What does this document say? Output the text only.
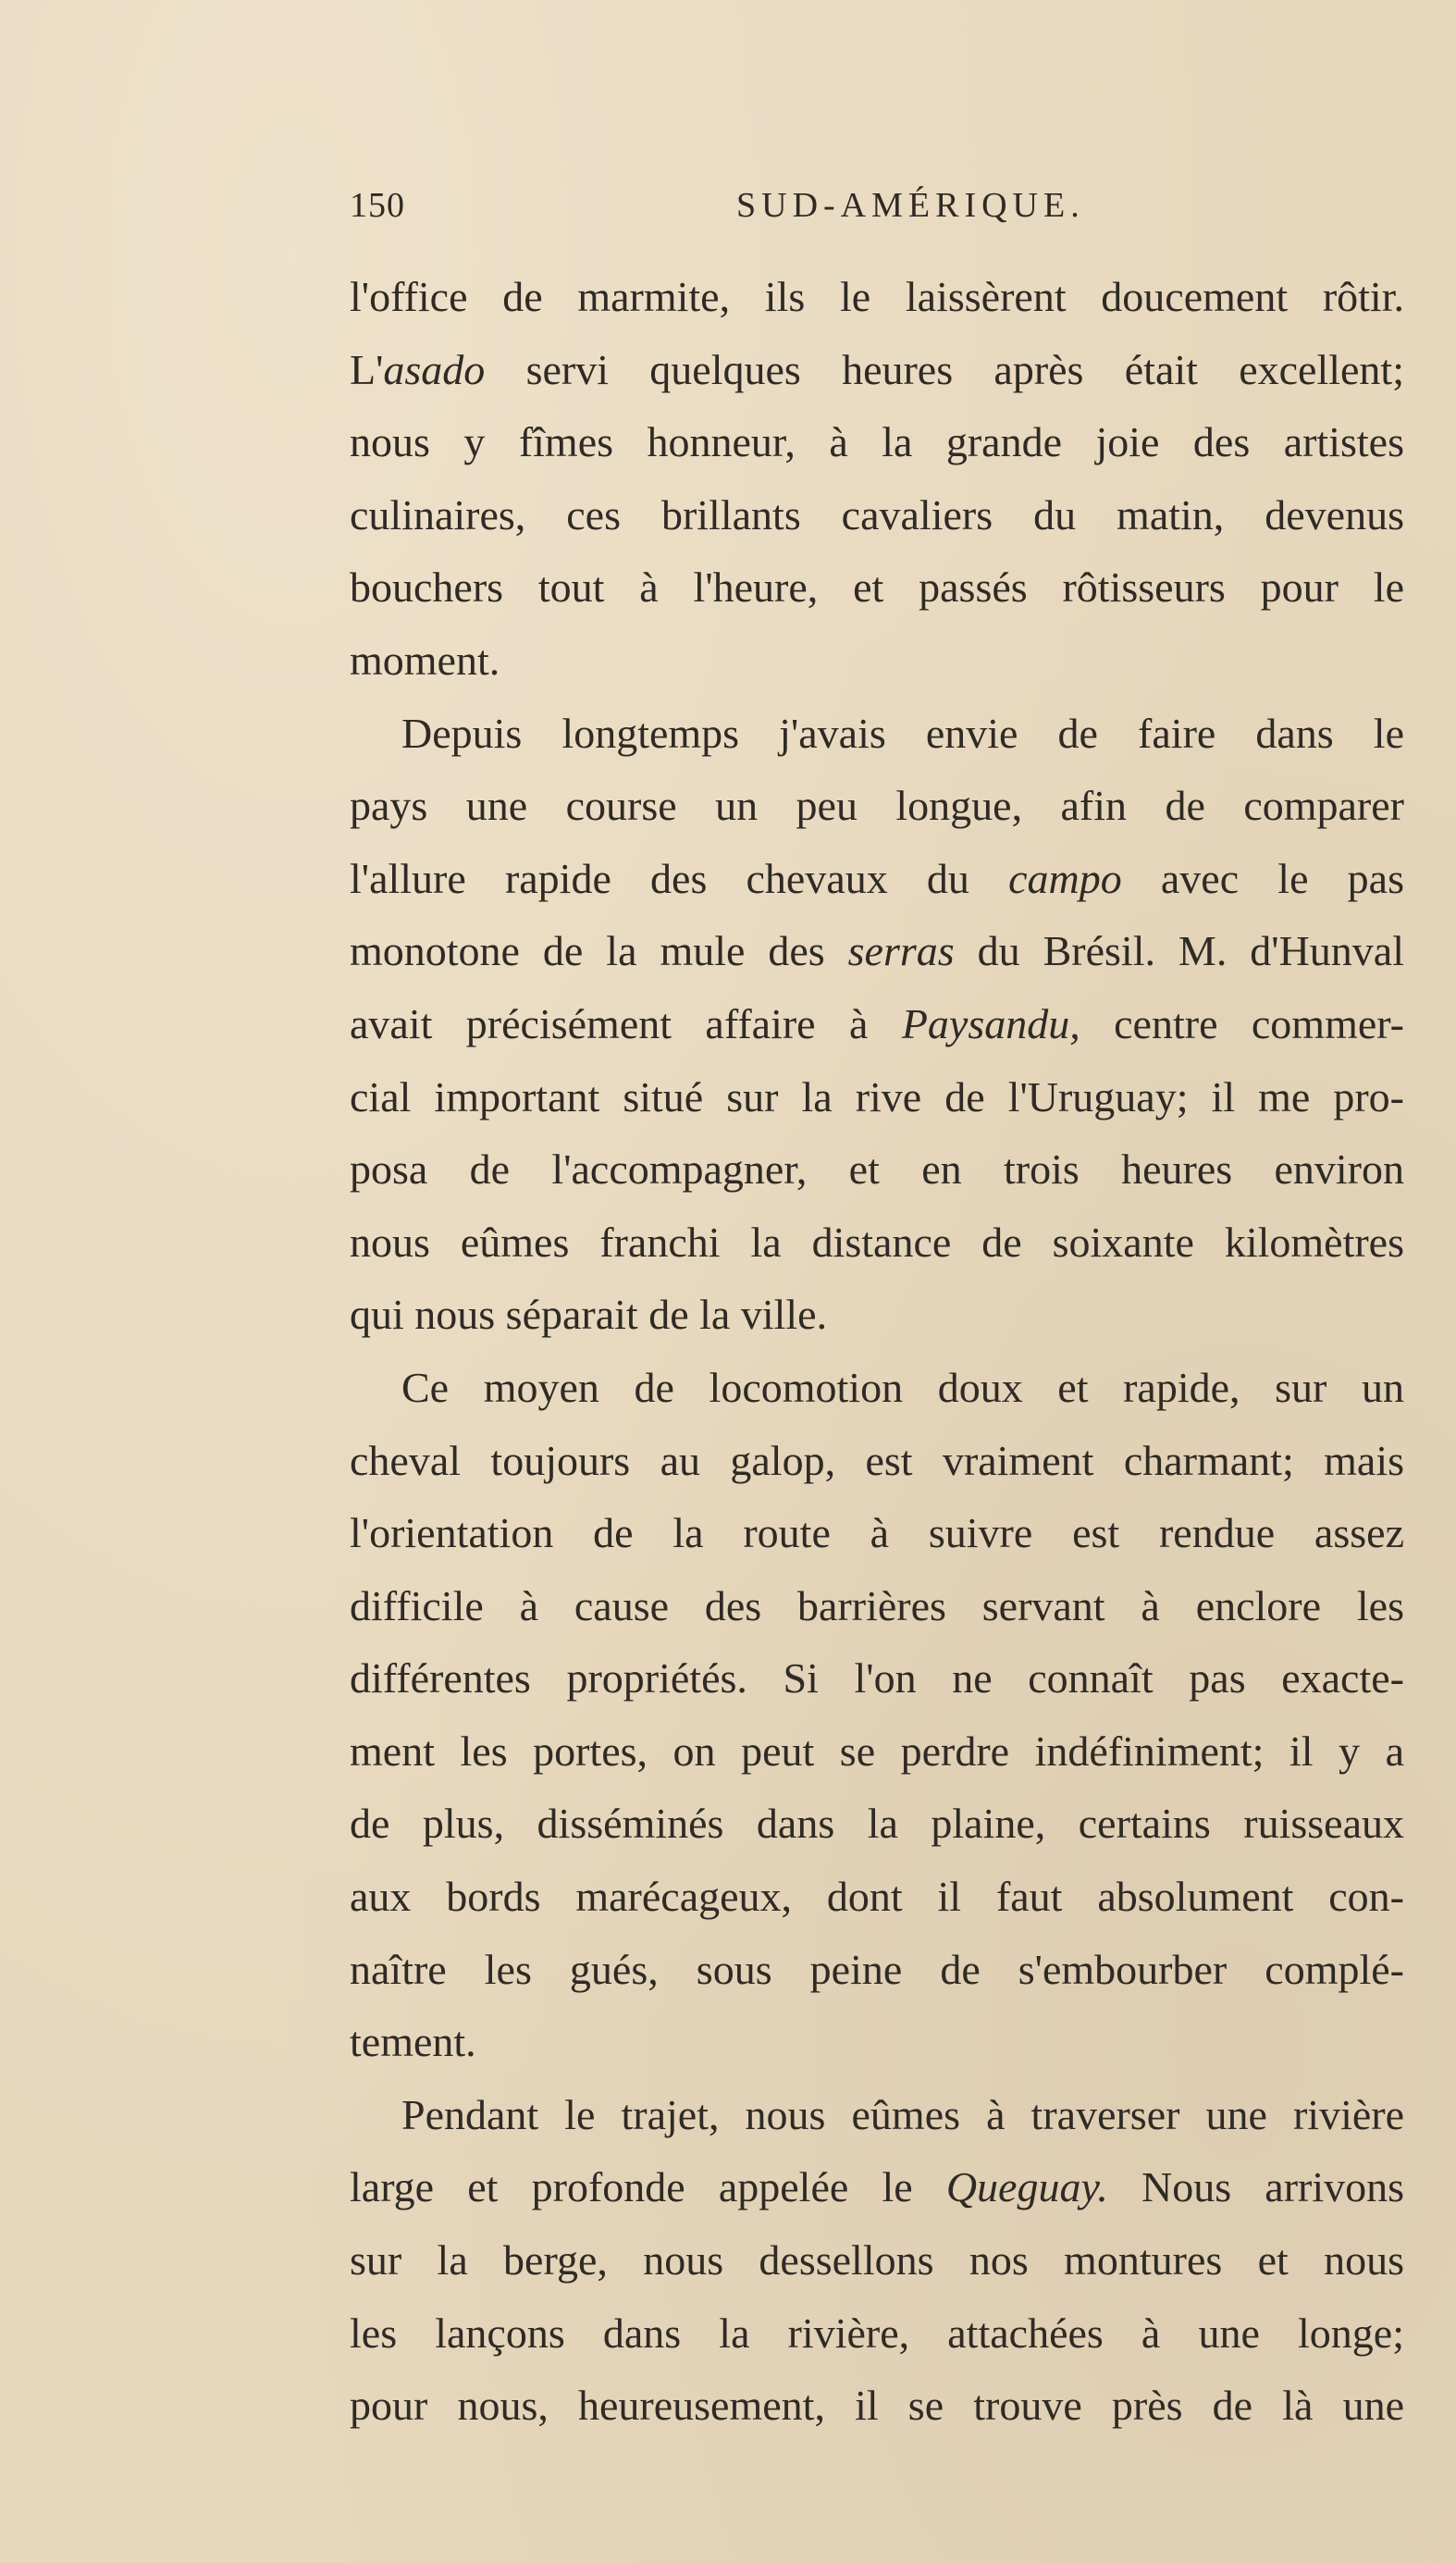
150	SUD-AMÉRIQUE.
l'office de marmite, ils le laissèrent doucement rôtir.
L'asado servi quelques heures après était excellent;
nous y fîmes honneur, à la grande joie des artistes
culinaires, ces brillants cavaliers du matin, devenus
bouchers tout à l'heure, et passés rôtisseurs pour le
moment.
Depuis longtemps j'avais envie de faire dans le
pays une course un peu longue, afin de comparer
l'allure rapide des chevaux du campo avec le pas
monotone de la mule des serras du Brésil. M. d'Hunval
avait précisément affaire à Paysandu, centre commer-
cial important situé sur la rive de l'Uruguay; il me pro-
posa de l'accompagner, et en trois heures environ
nous eûmes franchi la distance de soixante kilomètres
qui nous séparait de la ville.
Ce moyen de locomotion doux et rapide, sur un
cheval toujours au galop, est vraiment charmant; mais
l'orientation de la route à suivre est rendue assez
difficile à cause des barrières servant à enclore les
différentes propriétés. Si l'on ne connaît pas exacte-
ment les portes, on peut se perdre indéfiniment; il y a
de plus, disséminés dans la plaine, certains ruisseaux
aux bords marécageux, dont il faut absolument con-
naître les gués, sous peine de s'embourber complé-
tement.
Pendant le trajet, nous eûmes à traverser une rivière
large et profonde appelée le Queguay. Nous arrivons
sur la berge, nous dessellons nos montures et nous
les lançons dans la rivière, attachées à une longe;
pour nous, heureusement, il se trouve près de là une
